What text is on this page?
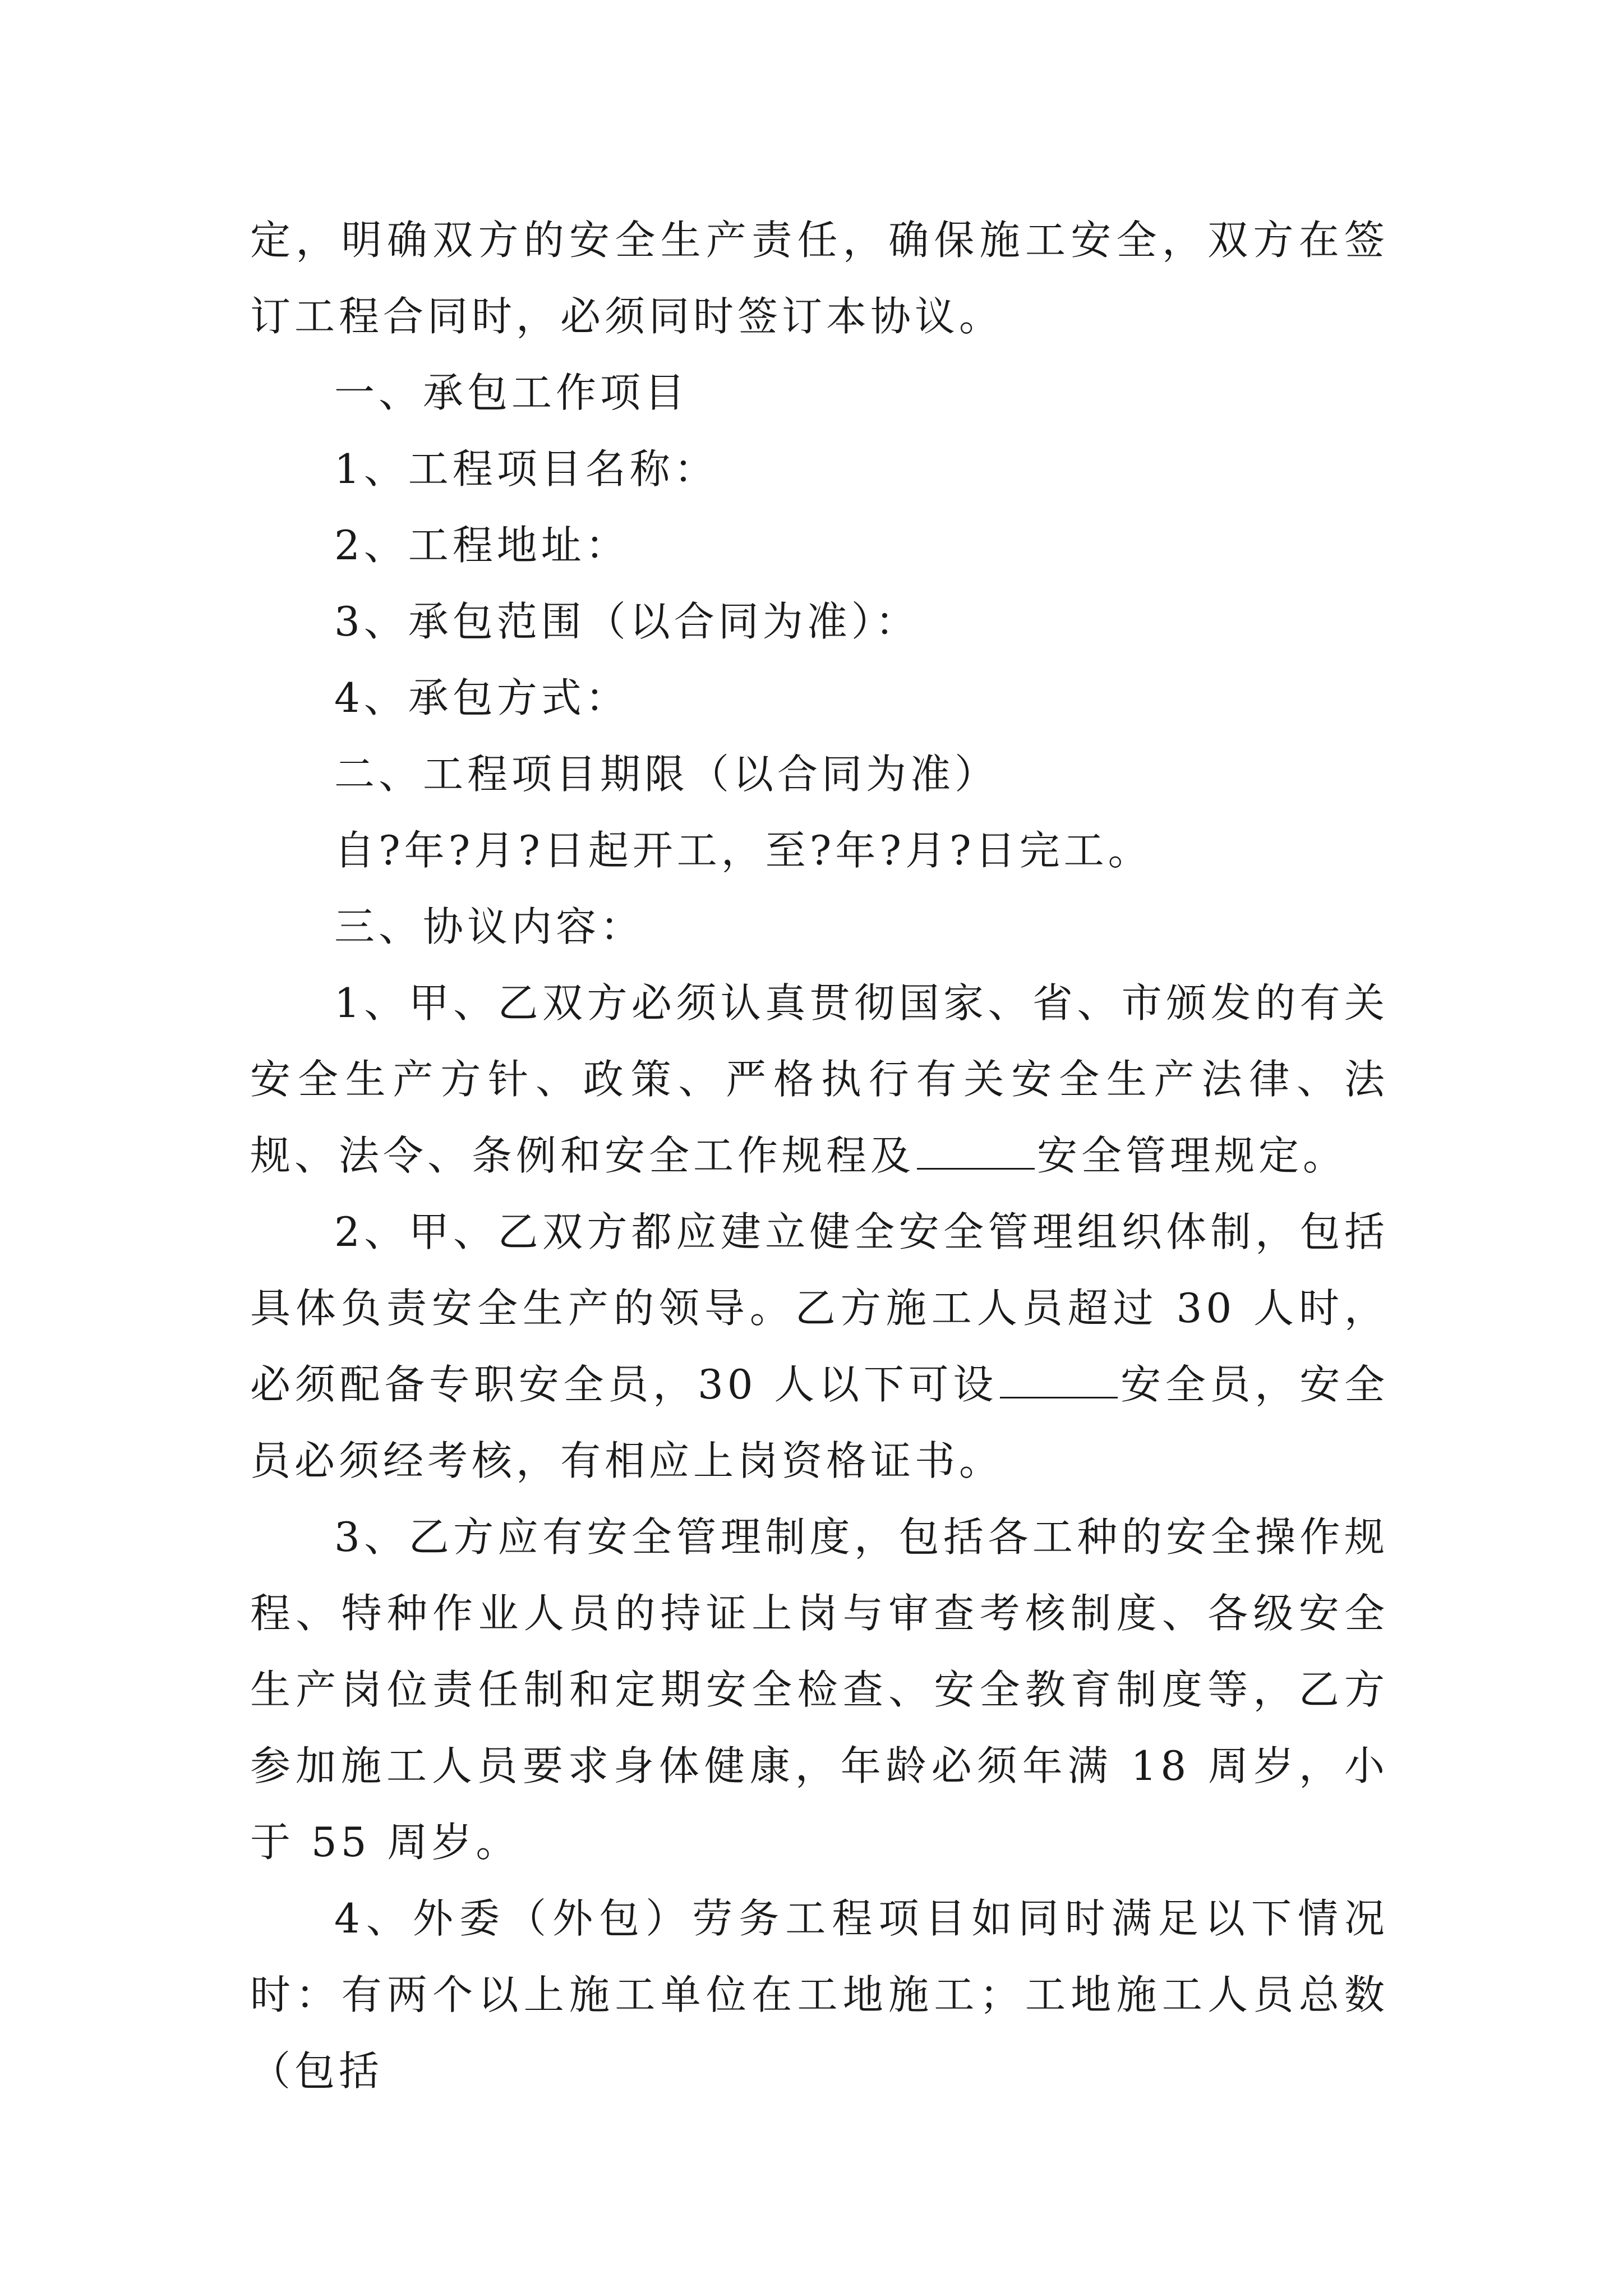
定，明确双方的安全生产责任，确保施工安全，双方在签订工程合同时，必须同时签订本协议。

一、承包工作项目

1、工程项目名称：

2、工程地址：

3、承包范围（以合同为准）：

4、承包方式：

二、工程项目期限（以合同为准）

自?年?月?日起开工，至?年?月?日完工。

三、协议内容：

1、甲、乙双方必须认真贯彻国家、省、市颁发的有关安全生产方针、政策、严格执行有关安全生产法律、法规、法令、条例和安全工作规程及	安全管理规定。

2、甲、乙双方都应建立健全安全管理组织体制，包括具体负责安全生产的领导。乙方施工人员超过 30 人时，必须配备专职安全员，30 人以下可设	安全员，安全员必须经考核，有相应上岗资格证书。

3、乙方应有安全管理制度，包括各工种的安全操作规程、特种作业人员的持证上岗与审查考核制度、各级安全生产岗位责任制和定期安全检查、安全教育制度等，乙方参加施工人员要求身体健康，年龄必须年满 18 周岁，小于 55 周岁。

4、外委（外包）劳务工程项目如同时满足以下情况时：有两个以上施工单位在工地施工；工地施工人员总数（包括
